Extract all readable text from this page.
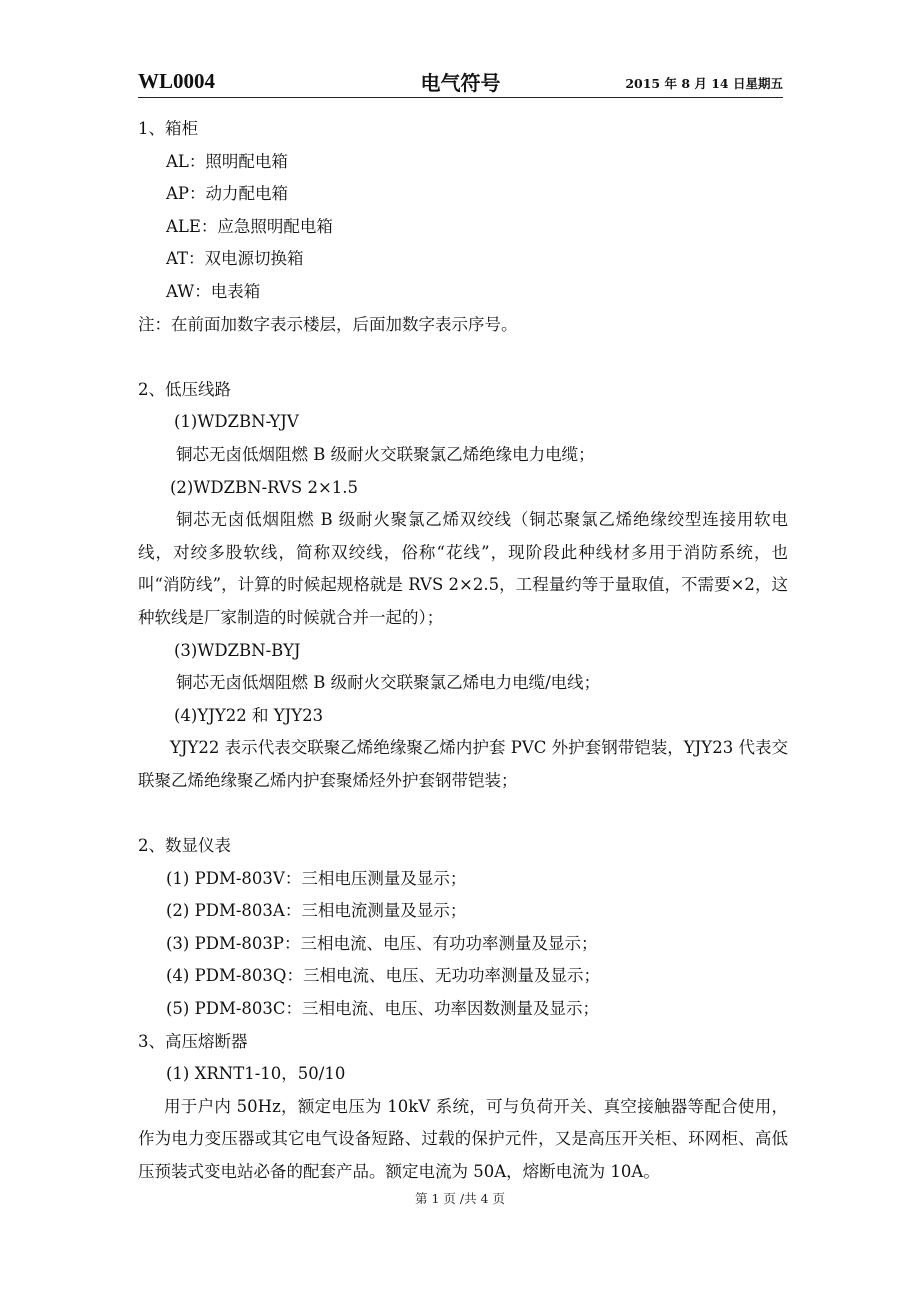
WL0004	电气符号	2015 年 8 月 14 日星期五
1、箱柜
AL：照明配电箱
AP：动力配电箱
ALE：应急照明配电箱
AT：双电源切换箱
AW：电表箱
注：在前面加数字表示楼层，后面加数字表示序号。
2、低压线路
(1)WDZBN-YJV
铜芯无卤低烟阻燃 B 级耐火交联聚氯乙烯绝缘电力电缆；
(2)WDZBN-RVS 2×1.5
铜芯无卤低烟阻燃 B 级耐火聚氯乙烯双绞线（铜芯聚氯乙烯绝缘绞型连接用软电线，对绞多股软线，简称双绞线，俗称“花线”，现阶段此种线材多用于消防系统，也叫“消防线”，计算的时候起规格就是 RVS 2×2.5，工程量约等于量取值，不需要×2，这种软线是厂家制造的时候就合并一起的）；
(3)WDZBN-BYJ
铜芯无卤低烟阻燃 B 级耐火交联聚氯乙烯电力电缆/电线；
(4)YJY22 和 YJY23
YJY22 表示代表交联聚乙烯绝缘聚乙烯内护套 PVC 外护套钢带铠装，YJY23 代表交联聚乙烯绝缘聚乙烯内护套聚烯烃外护套钢带铠装；
2、数显仪表
(1) PDM-803V：三相电压测量及显示；
(2) PDM-803A：三相电流测量及显示；
(3) PDM-803P：三相电流、电压、有功功率测量及显示；
(4) PDM-803Q：三相电流、电压、无功功率测量及显示；
(5) PDM-803C：三相电流、电压、功率因数测量及显示；
3、高压熔断器
(1) XRNT1-10，50/10
用于户内 50Hz，额定电压为 10kV 系统，可与负荷开关、真空接触器等配合使用，作为电力变压器或其它电气设备短路、过载的保护元件，又是高压开关柜、环网柜、高低压预装式变电站必备的配套产品。额定电流为 50A，熔断电流为 10A。
第 1 页 /共 4 页
